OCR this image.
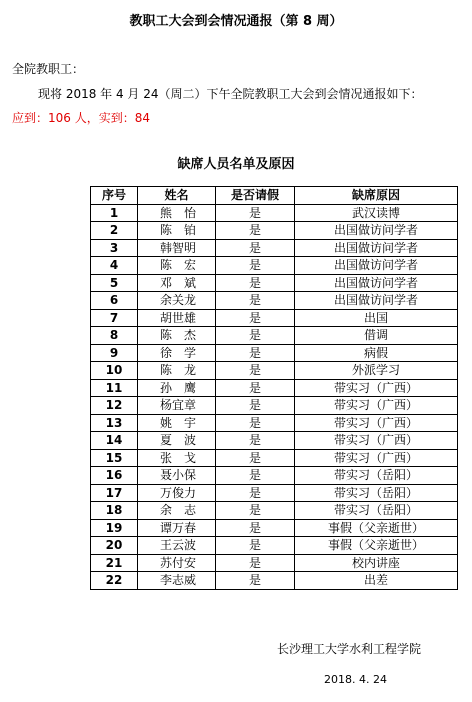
教职工大会到会情况通报（第 8 周）
全院教职工：
现将 2018 年 4 月 24（周二）下午全院教职工大会到会情况通报如下：
应到：106 人，实到：84
缺席人员名单及原因
序号	姓名	是否请假	缺席原因
1	熊　怡	是	武汉读博
2	陈　铂	是	出国做访问学者
3	韩智明	是	出国做访问学者
4	陈　宏	是	出国做访问学者
5	邓　斌	是	出国做访问学者
6	余关龙	是	出国做访问学者
7	胡世雄	是	出国
8	陈　杰	是	借调
9	徐　学	是	病假
10	陈　龙	是	外派学习
11	孙　鹰	是	带实习（广西）
12	杨宜章	是	带实习（广西）
13	姚　宇	是	带实习（广西）
14	夏　波	是	带实习（广西）
15	张　戈	是	带实习（广西）
16	聂小保	是	带实习（岳阳）
17	万俊力	是	带实习（岳阳）
18	余　志	是	带实习（岳阳）
19	谭万春	是	事假（父亲逝世）
20	王云波	是	事假（父亲逝世）
21	苏付安	是	校内讲座
22	李志威	是	出差
长沙理工大学水利工程学院
2018. 4. 24
